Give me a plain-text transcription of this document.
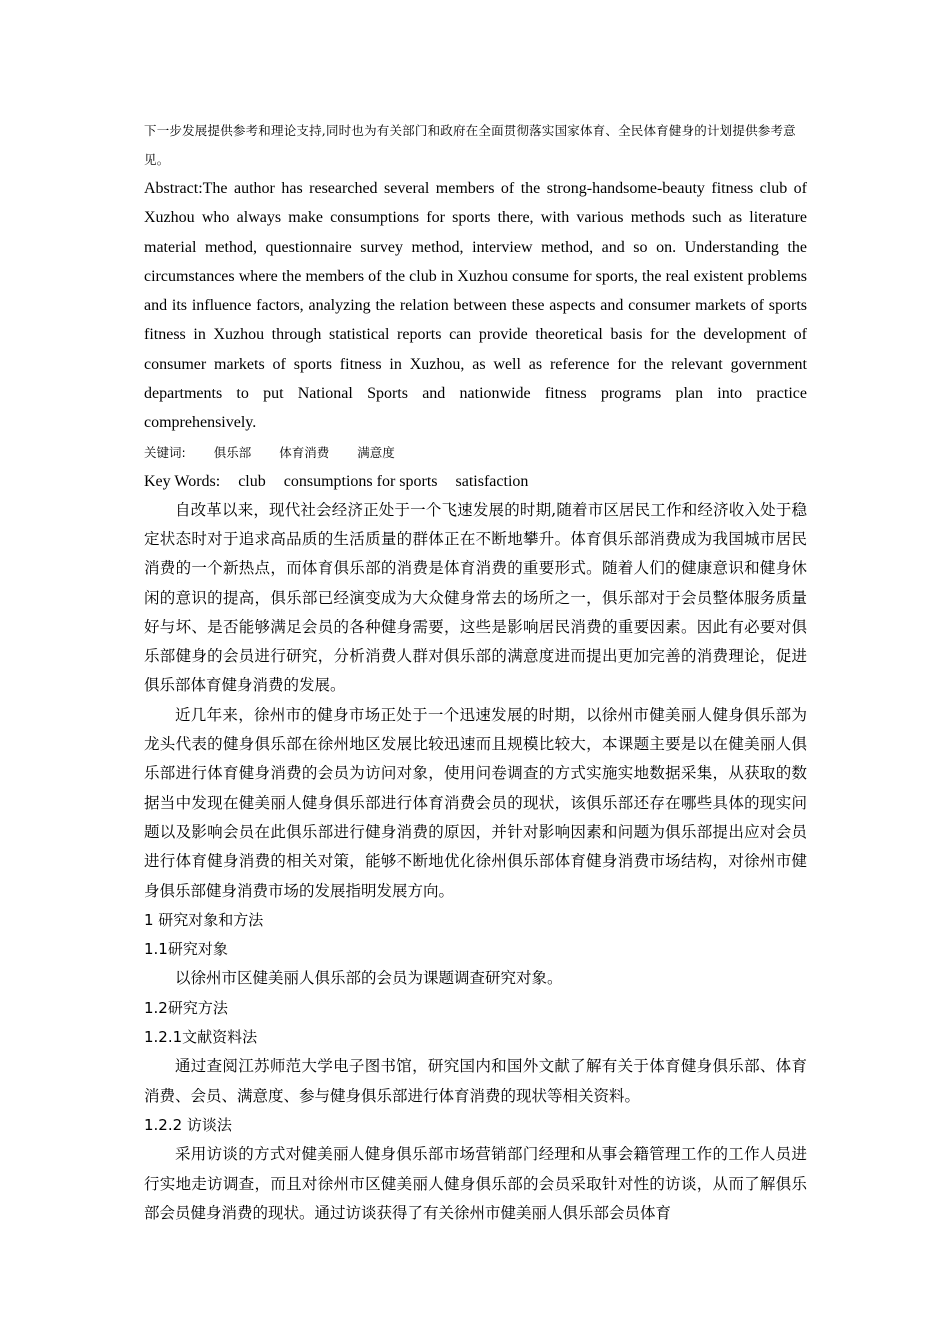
下一步发展提供参考和理论支持,同时也为有关部门和政府在全面贯彻落实国家体育、全民体育健身的计划提供参考意见。

Abstract:The author has researched several members of the strong-handsome-beauty fitness club of Xuzhou who always make consumptions for sports there, with various methods such as literature material method, questionnaire survey method, interview method, and so on. Understanding the circumstances where the members of the club in Xuzhou consume for sports, the real existent problems and its influence factors, analyzing the relation between these aspects and consumer markets of sports fitness in Xuzhou through statistical reports can provide theoretical basis for the development of consumer markets of sports fitness in Xuzhou, as well as reference for the relevant government departments to put National Sports and nationwide fitness programs plan into practice comprehensively.

关键词: 俱乐部 体育消费 满意度

Key Words: club consumptions for sports satisfaction

自改革以来，现代社会经济正处于一个飞速发展的时期,随着市区居民工作和经济收入处于稳定状态时对于追求高品质的生活质量的群体正在不断地攀升。体育俱乐部消费成为我国城市居民消费的一个新热点，而体育俱乐部的消费是体育消费的重要形式。随着人们的健康意识和健身休闲的意识的提高，俱乐部已经演变成为大众健身常去的场所之一，俱乐部对于会员整体服务质量好与坏、是否能够满足会员的各种健身需要，这些是影响居民消费的重要因素。因此有必要对俱乐部健身的会员进行研究，分析消费人群对俱乐部的满意度进而提出更加完善的消费理论，促进俱乐部体育健身消费的发展。

近几年来，徐州市的健身市场正处于一个迅速发展的时期，以徐州市健美丽人健身俱乐部为龙头代表的健身俱乐部在徐州地区发展比较迅速而且规模比较大，本课题主要是以在健美丽人俱乐部进行体育健身消费的会员为访问对象，使用问卷调查的方式实施实地数据采集，从获取的数据当中发现在健美丽人健身俱乐部进行体育消费会员的现状，该俱乐部还存在哪些具体的现实问题以及影响会员在此俱乐部进行健身消费的原因，并针对影响因素和问题为俱乐部提出应对会员进行体育健身消费的相关对策，能够不断地优化徐州俱乐部体育健身消费市场结构，对徐州市健身俱乐部健身消费市场的发展指明发展方向。

1 研究对象和方法

1.1研究对象

以徐州市区健美丽人俱乐部的会员为课题调查研究对象。

1.2研究方法

1.2.1文献资料法

通过查阅江苏师范大学电子图书馆，研究国内和国外文献了解有关于体育健身俱乐部、体育消费、会员、满意度、参与健身俱乐部进行体育消费的现状等相关资料。

1.2.2 访谈法

采用访谈的方式对健美丽人健身俱乐部市场营销部门经理和从事会籍管理工作的工作人员进行实地走访调查，而且对徐州市区健美丽人健身俱乐部的会员采取针对性的访谈，从而了解俱乐部会员健身消费的现状。通过访谈获得了有关徐州市健美丽人俱乐部会员体育
